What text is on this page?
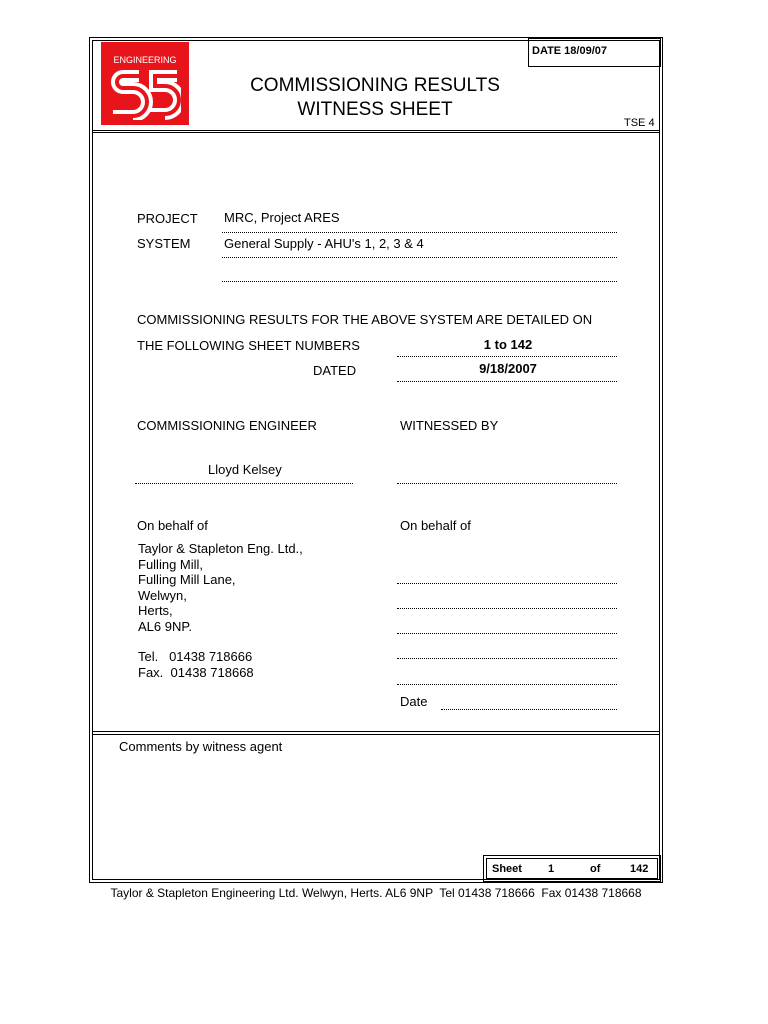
ENGINEERING
COMMISSIONING RESULTS
WITNESS SHEET
DATE 18/09/07
TSE 4
PROJECT MRC, Project ARES
SYSTEM	General Supply - AHU's 1, 2, 3 & 4
COMMISSIONING RESULTS FOR THE ABOVE SYSTEM ARE DETAILED ON
THE FOLLOWING SHEET NUMBERS	1 to 142
DATED	9/18/2007
COMMISSIONING ENGINEER	WITNESSED BY
Lloyd Kelsey
On behalf of	On behalf of
Taylor & Stapleton Eng. Ltd.,
Fulling Mill,
Fulling Mill Lane,
Welwyn,
Herts,
AL6 9NP.
Tel.   01438 718666
Fax.  01438 718668
Date
Comments by witness agent
Sheet 1	of	142
Taylor & Stapleton Engineering Ltd. Welwyn, Herts. AL6 9NP  Tel 01438 718666  Fax 01438 718668
